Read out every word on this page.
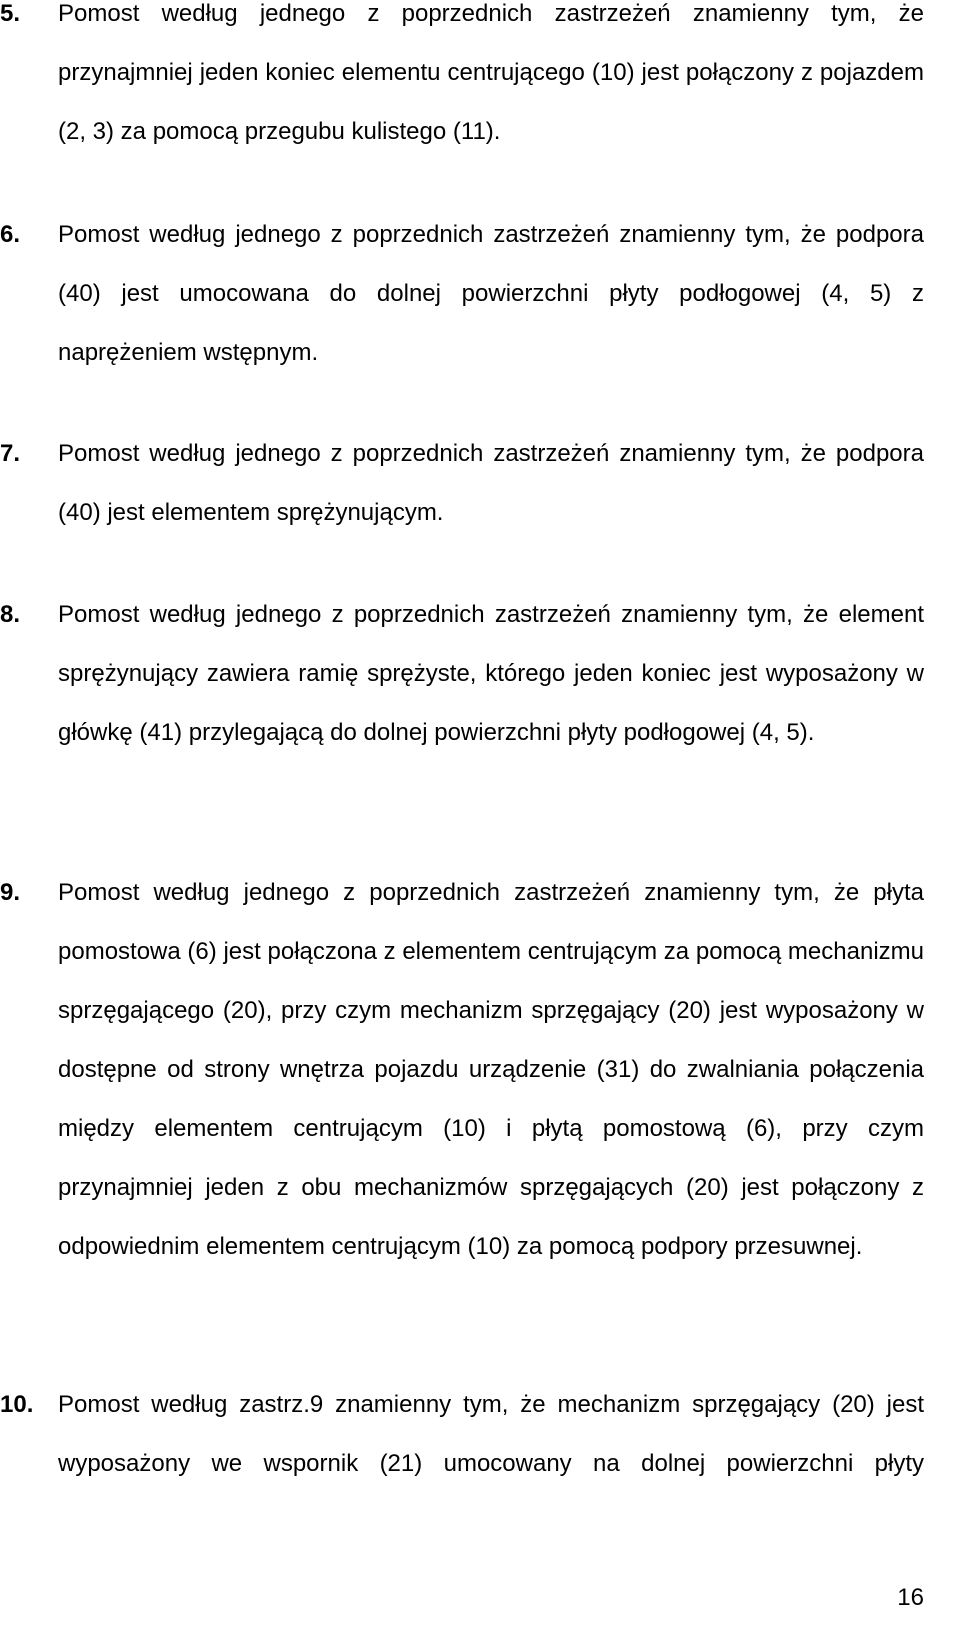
5. Pomost według jednego z poprzednich zastrzeżeń znamienny tym, że przynajmniej jeden koniec elementu centrującego (10) jest połączony z pojazdem (2, 3) za pomocą przegubu kulistego (11).
6. Pomost według jednego z poprzednich zastrzeżeń znamienny tym, że podpora (40) jest umocowana do dolnej powierzchni płyty podłogowej (4, 5) z naprężeniem wstępnym.
7. Pomost według jednego z poprzednich zastrzeżeń znamienny tym, że podpora (40) jest elementem sprężynującym.
8. Pomost według jednego z poprzednich zastrzeżeń znamienny tym, że element sprężynujący zawiera ramię sprężyste, którego jeden koniec jest wyposażony w główkę (41) przylegającą do dolnej powierzchni płyty podłogowej (4, 5).
9. Pomost według jednego z poprzednich zastrzeżeń znamienny tym, że płyta pomostowa (6) jest połączona z elementem centrującym za pomocą mechanizmu sprzęgającego (20), przy czym mechanizm sprzęgający (20) jest wyposażony w dostępne od strony wnętrza pojazdu urządzenie (31) do zwalniania połączenia między elementem centrującym (10) i płytą pomostową (6), przy czym przynajmniej jeden z obu mechanizmów sprzęgających (20) jest połączony z odpowiednim elementem centrującym (10) za pomocą podpory przesuwnej.
10. Pomost według zastrz.9 znamienny tym, że mechanizm sprzęgający (20) jest wyposażony we wspornik (21) umocowany na dolnej powierzchni płyty
16
